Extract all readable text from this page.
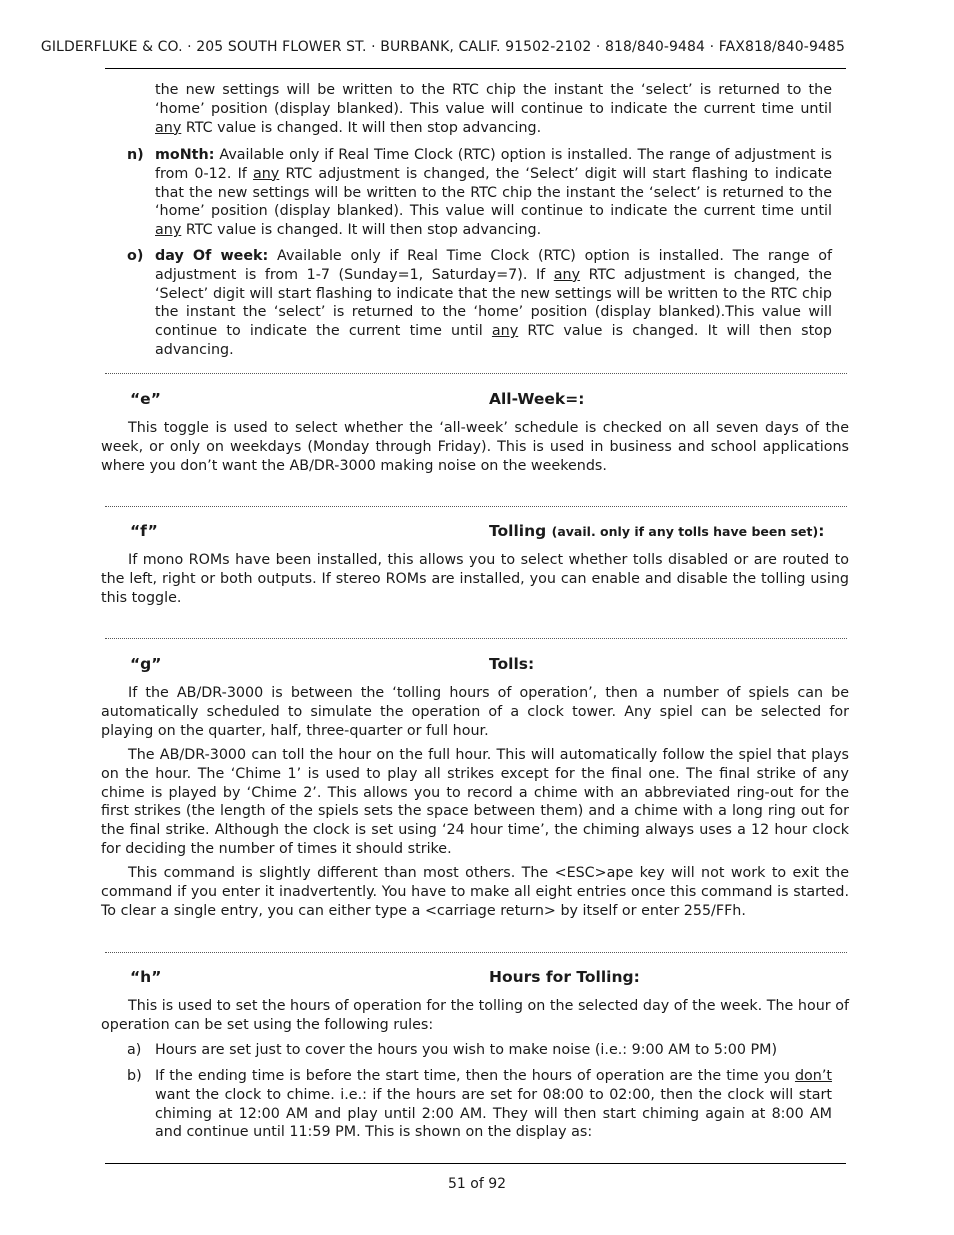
GILDERFLUKE & CO. · 205 SOUTH FLOWER ST. · BURBANK, CALIF. 91502-2102 · 818/840-9484 · FAX818/840-9485
the new settings will be written to the RTC chip the instant the ‘select’ is returned to the ‘home’ position (display blanked). This value will continue to indicate the current time until any RTC value is changed. It will then stop advancing.
n) moNth: Available only if Real Time Clock (RTC) option is installed. The range of adjustment is from 0-12. If any RTC adjustment is changed, the ‘Select’ digit will start flashing to indicate that the new settings will be written to the RTC chip the instant the ‘select’ is returned to the ‘home’ position (display blanked). This value will continue to indicate the current time until any RTC value is changed. It will then stop advancing.
o) day Of week: Available only if Real Time Clock (RTC) option is installed. The range of adjustment is from 1-7 (Sunday=1, Saturday=7). If any RTC adjustment is changed, the ‘Select’ digit will start flashing to indicate that the new settings will be written to the RTC chip the instant the ‘select’ is returned to the ‘home’ position (display blanked).This value will continue to indicate the current time until any RTC value is changed. It will then stop advancing.
“e”	All-Week=:
This toggle is used to select whether the ‘all-week’ schedule is checked on all seven days of the week, or only on weekdays (Monday through Friday). This is used in business and school applications where you don’t want the AB/DR-3000 making noise on the weekends.
“f”	Tolling (avail. only if any tolls have been set):
If mono ROMs have been installed, this allows you to select whether tolls disabled or are routed to the left, right or both outputs. If stereo ROMs are installed, you can enable and disable the tolling using this toggle.
“g”	Tolls:
If the AB/DR-3000 is between the ‘tolling hours of operation’, then a number of spiels can be automatically scheduled to simulate the operation of a clock tower. Any spiel can be selected for playing on the quarter, half, three-quarter or full hour.
The AB/DR-3000 can toll the hour on the full hour. This will automatically follow the spiel that plays on the hour. The ‘Chime 1’ is used to play all strikes except for the final one. The final strike of any chime is played by ‘Chime 2’. This allows you to record a chime with an abbreviated ring-out for the first strikes (the length of the spiels sets the space between them) and a chime with a long ring out for the final strike. Although the clock is set using ‘24 hour time’, the chiming always uses a 12 hour clock for deciding the number of times it should strike.
This command is slightly different than most others. The <ESC>ape key will not work to exit the command if you enter it inadvertently. You have to make all eight entries once this command is started. To clear a single entry, you can either type a <carriage return> by itself or enter 255/FFh.
“h”	Hours for Tolling:
This is used to set the hours of operation for the tolling on the selected day of the week. The hour of operation can be set using the following rules:
a) Hours are set just to cover the hours you wish to make noise (i.e.: 9:00 AM to 5:00 PM)
b) If the ending time is before the start time, then the hours of operation are the time you don’t want the clock to chime. i.e.: if the hours are set for 08:00 to 02:00, then the clock will start chiming at 12:00 AM and play until 2:00 AM. They will then start chiming again at 8:00 AM and continue until 11:59 PM. This is shown on the display as:
51 of 92
